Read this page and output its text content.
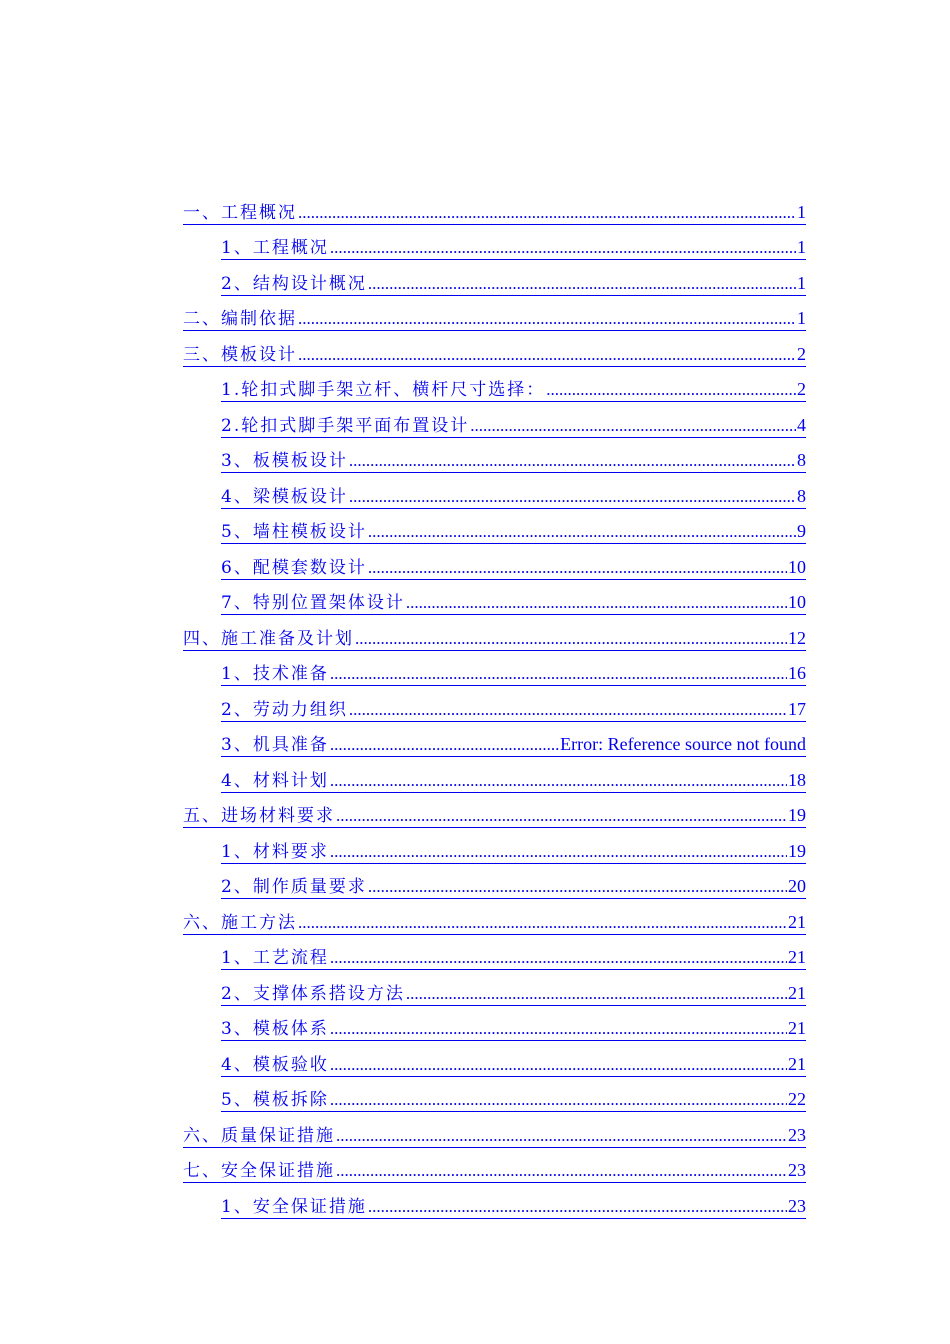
一、工程概况 .....	1
1、工程概况 .....	1
2、结构设计概况 .....	1
二、编制依据 .....	1
三、模板设计 .....	2
1.轮扣式脚手架立杆、横杆尺寸选择： .....	2
2.轮扣式脚手架平面布置设计 .....	4
3、板模板设计 .....	8
4、梁模板设计 .....	8
5、墙柱模板设计 .....	9
6、配模套数设计 .....	10
7、特别位置架体设计 .....	10
四、施工准备及计划 .....	12
1、技术准备 .....	16
2、劳动力组织 .....	17
3、机具准备 .....	Error: Reference source not found
4、材料计划 .....	18
五、进场材料要求 .....	19
1、材料要求 .....	19
2、制作质量要求 .....	20
六、施工方法 .....	21
1、工艺流程 .....	21
2、支撑体系搭设方法 .....	21
3、模板体系 .....	21
4、模板验收 .....	21
5、模板拆除 .....	22
六、质量保证措施 .....	23
七、安全保证措施 .....	23
1、安全保证措施 .....	23
